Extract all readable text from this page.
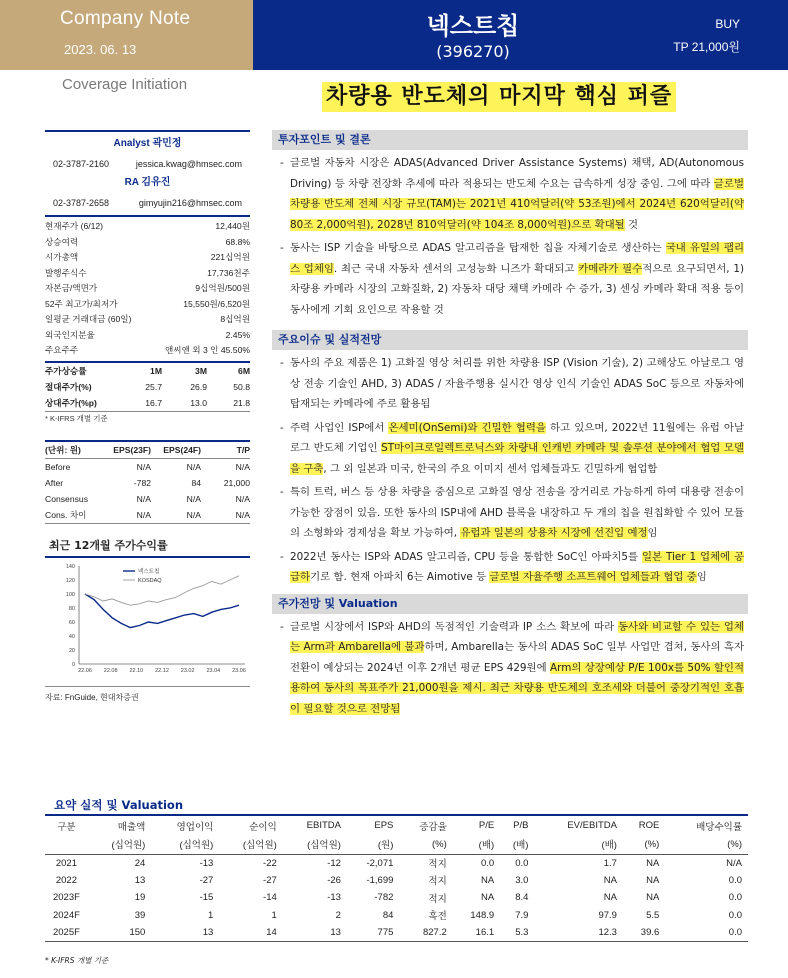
Company Note
2023. 06. 13
넥스트칩
(396270)
BUY
TP 21,000원
Coverage Initiation	차량용 반도체의 마지막 핵심 퍼즐
Analyst 곽민정
02-3787-2160	jessica.kwag@hmsec.com
RA 김유진
02-3787-2658	gimyujin216@hmsec.com
현재주가 (6/12)	12,440원
상승여력	68.8%
시가총액	221십억원
발행주식수	17,736천주
자본금/액면가	9십억원/500원
52주 최고가/최저가	15,550원/6,520원
일평균 거래대금 (60일)	8십억원
외국인지분율	2.45%
주요주주	앤씨앤 외 3 인 45.50%
주가상승률	1M	3M	6M
절대주가(%)	25.7	26.9	50.8
상대주가(%p)	16.7	13.0	21.8
* K-IFRS 개별 기준
(단위: 원)	EPS(23F)	EPS(24F)	T/P
Before	N/A	N/A	N/A
After	-782	84	21,000
Consensus	N/A	N/A	N/A
Cons. 차이	N/A	N/A	N/A
최근 12개월 주가수익률
0
20
40
60
80
100
120
140
22.06 22.08 22.10 22.12 23.02 23.04 23.06
넥스트칩
KOSDAQ
자료: FnGuide, 현대차증권
투자포인트 및 결론
- 글로벌 자동차 시장은 ADAS(Advanced Driver Assistance Systems) 채택, AD(Autonomous Driving) 등 차량 전장화 추세에 따라 적용되는 반도체 수요는 급속하게 성장 중임. 그에 따라 글로벌 차량용 반도체 전체 시장 규모(TAM)는 2021년 410억달러(약 53조원)에서 2024년 620억달러(약 80조 2,000억원), 2028년 810억달러(약 104조 8,000억원)으로 확대될 것
- 동사는 ISP 기술을 바탕으로 ADAS 알고리즘을 탑재한 칩을 자체기술로 생산하는 국내 유일의 팹리스 업체임. 최근 국내 자동차 센서의 고성능화 니즈가 확대되고 카메라가 필수적으로 요구되면서, 1) 차량용 카메라 시장의 고화질화, 2) 자동차 대당 채택 카메라 수 증가, 3) 센싱 카메라 확대 적용 등이 동사에게 기회 요인으로 작용할 것
주요이슈 및 실적전망
- 동사의 주요 제품은 1) 고화질 영상 처리를 위한 차량용 ISP (Vision 기술), 2) 고해상도 아날로그 영상 전송 기술인 AHD, 3) ADAS / 자율주행용 실시간 영상 인식 기술인 ADAS SoC 등으로 자동차에 탑재되는 카메라에 주로 활용됨
- 주력 사업인 ISP에서 온세미(OnSemi)와 긴밀한 협력을 하고 있으며, 2022년 11월에는 유럽 아날로그 반도체 기업인 ST마이크로일렉트로닉스와 차량내 인캐빈 카메라 및 솔루션 분야에서 협업 모델을 구축, 그 외 일본과 미국, 한국의 주요 이미지 센서 업체들과도 긴밀하게 협업함
- 특히 트럭, 버스 등 상용 차량을 중심으로 고화질 영상 전송을 장거리로 가능하게 하여 대용량 전송이 가능한 장점이 있음. 또한 동사의 ISP내에 AHD 블록을 내장하고 두 개의 칩을 원칩화할 수 있어 모듈의 소형화와 경제성을 확보 가능하여, 유럽과 일본의 상용차 시장에 선진입 예정임
- 2022년 동사는 ISP와 ADAS 알고리즘, CPU 등을 통합한 SoC인 아파치5를 일본 Tier 1 업체에 공급하기로 함. 현재 아파치 6는 Aimotive 등 글로벌 자율주행 소프트웨어 업체들과 협업 중임
주가전망 및 Valuation
- 글로벌 시장에서 ISP와 AHD의 독점적인 기술력과 IP 소스 확보에 따라 동사와 비교할 수 있는 업체는 Arm과 Ambarella에 불과하며, Ambarella는 동사의 ADAS SoC 일부 사업만 겹쳐, 동사의 흑자전환이 예상되는 2024년 이후 2개년 평균 EPS 429원에 Arm의 상장예상 P/E 100x를 50% 할인적용하여 동사의 목표주가 21,000원을 제시. 최근 차량용 반도체의 호조세와 더불어 중장기적인 호흡이 필요할 것으로 전망됨
요약 실적 및 Valuation
구분	매출액	영업이익	순이익	EBITDA	EPS	증감율	P/E	P/B	EV/EBITDA	ROE	배당수익률
	(십억원)	(십억원)	(십억원)	(십억원)	(원)	(%)	(배)	(배)	(배)	(%)	(%)
2021	24	-13	-22	-12	-2,071	적지	0.0	0.0	1.7	NA	N/A
2022	13	-27	-27	-26	-1,699	적지	NA	3.0	NA	NA	0.0
2023F	19	-15	-14	-13	-782	적지	NA	8.4	NA	NA	0.0
2024F	39	1	1	2	84	흑전	148.9	7.9	97.9	5.5	0.0
2025F	150	13	14	13	775	827.2	16.1	5.3	12.3	39.6	0.0
* K-IFRS 개별 기준
